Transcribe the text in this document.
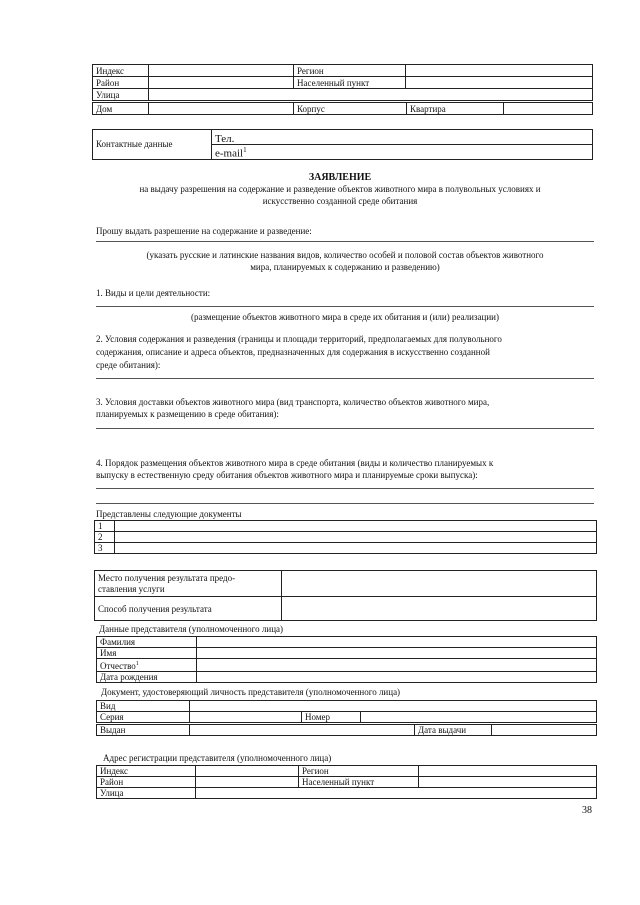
Индекс		Регион	
Район		Населенный пункт	
Улица			
Дом		Корпус	Квартира	
Контактные данные	Тел.
e-mail$^1$
ЗАЯВЛЕНИЕ
на выдачу разрешения на содержание и разведение объектов животного мира в полувольных условиях и
искусственно созданной среде обитания
Прошу выдать разрешение на содержание и разведение:
(указать русские и латинские названия видов, количество особей и половой состав объектов животного
мира, планируемых к содержанию и разведению)
1. Виды и цели деятельности:
(размещение объектов животного мира в среде их обитания и (или) реализации)
2. Условия содержания и разведения (границы и площади территорий, предполагаемых для полувольного
содержания, описание и адреса объектов, предназначенных для содержания в искусственно созданной
среде обитания):
3. Условия доставки объектов животного мира (вид транспорта, количество объектов животного мира,
планируемых к размещению в среде обитания):
4. Порядок размещения объектов животного мира в среде обитания (виды и количество планируемых к
выпуску в естественную среду обитания объектов животного мира и планируемые сроки выпуска):
Представлены следующие документы
1	
2	
3	
Место получения результата предо-
ставления услуги	

Способ получения результата	
Данные представителя (уполномоченного лица)
Фамилия	
Имя	
Отчество$^1$	
Дата рождения	
Документ, удостоверяющий личность представителя (уполномоченного лица)
Вид			
Серия		Номер	
Выдан		Дата выдачи	
Адрес регистрации представителя (уполномоченного лица)
Индекс		Регион	
Район		Населенный пункт	
Улица			
38
